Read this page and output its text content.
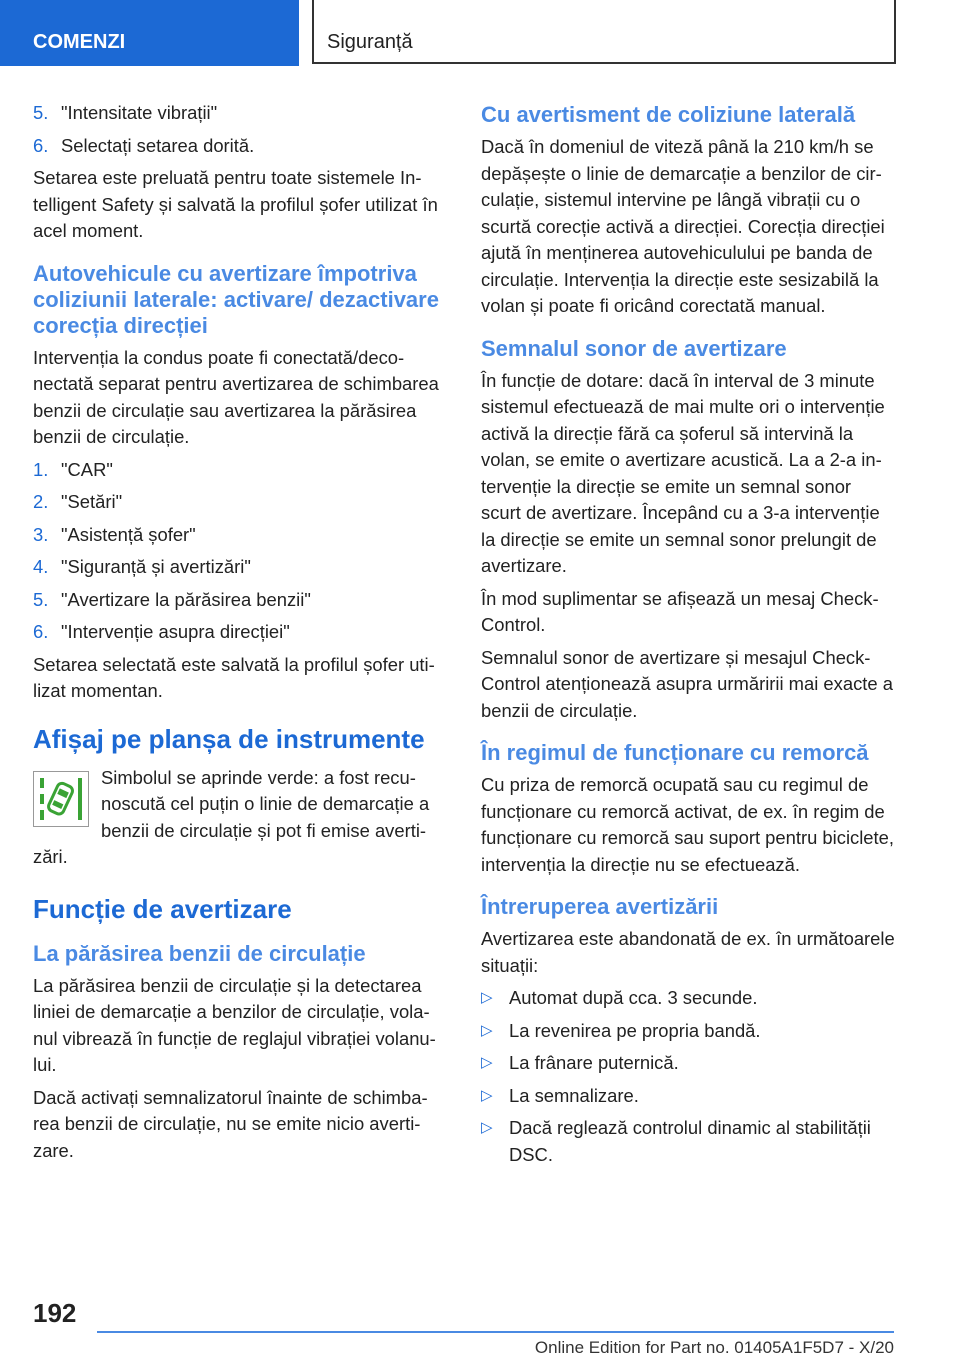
COMENZI	Siguranță
5. "Intensitate vibrații"
6. Selectați setarea dorită.

Setarea este preluată pentru toate sistemele Intelligent Safety și salvată la profilul șofer utilizat în acel moment.

Autovehicule cu avertizare împotriva coliziunii laterale: activare/ dezactivare corecția direcției

Intervenția la condus poate fi conectată/deconectată separat pentru avertizarea de schimbarea benzii de circulație sau avertizarea la părăsirea benzii de circulație.

1. "CAR"
2. "Setări"
3. "Asistență șofer"
4. "Siguranță și avertizări"
5. "Avertizare la părăsirea benzii"
6. "Intervenție asupra direcției"

Setarea selectată este salvată la profilul șofer utilizat momentan.

Afișaj pe planșa de instrumente

Simbolul se aprinde verde: a fost recunoscută cel puțin o linie de demarcație a benzii de circulație și pot fi emise avertizări.

Funcție de avertizare
La părăsirea benzii de circulație

La părăsirea benzii de circulație și la detectarea liniei de demarcație a benzilor de circulație, volanul vibrează în funcție de reglajul vibrației volanului.

Dacă activați semnalizatorul înainte de schimbarea benzii de circulație, nu se emite nicio avertizare.

Cu avertisment de coliziune laterală

Dacă în domeniul de viteză până la 210 km/h se depășește o linie de demarcație a benzilor de circulație, sistemul intervine pe lângă vibrații cu o scurtă corecție activă a direcției. Corecția direcției ajută în menținerea autovehiculului pe banda de circulație. Intervenția la direcție este sesizabilă la volan și poate fi oricând corectată manual.

Semnalul sonor de avertizare

În funcție de dotare: dacă în interval de 3 minute sistemul efectuează de mai multe ori o intervenție activă la direcție fără ca șoferul să intervină la volan, se emite o avertizare acustică. La a 2-a intervenție la direcție se emite un semnal sonor scurt de avertizare. Începând cu a 3-a intervenție la direcție se emite un semnal sonor prelungit de avertizare.

În mod suplimentar se afișează un mesaj Check-Control.

Semnalul sonor de avertizare și mesajul Check-Control atenționează asupra urmăririi mai exacte a benzii de circulație.

În regimul de funcționare cu remorcă

Cu priza de remorcă ocupată sau cu regimul de funcționare cu remorcă activat, de ex. în regim de funcționare cu remorcă sau suport pentru biciclete, intervenția la direcție nu se efectuează.

Întreruperea avertizării

Avertizarea este abandonată de ex. în următoarele situații:

▷ Automat după cca. 3 secunde.
▷ La revenirea pe propria bandă.
▷ La frânare puternică.
▷ La semnalizare.
▷ Dacă reglează controlul dinamic al stabilității DSC.
192
Online Edition for Part no. 01405A1F5D7 - X/20
